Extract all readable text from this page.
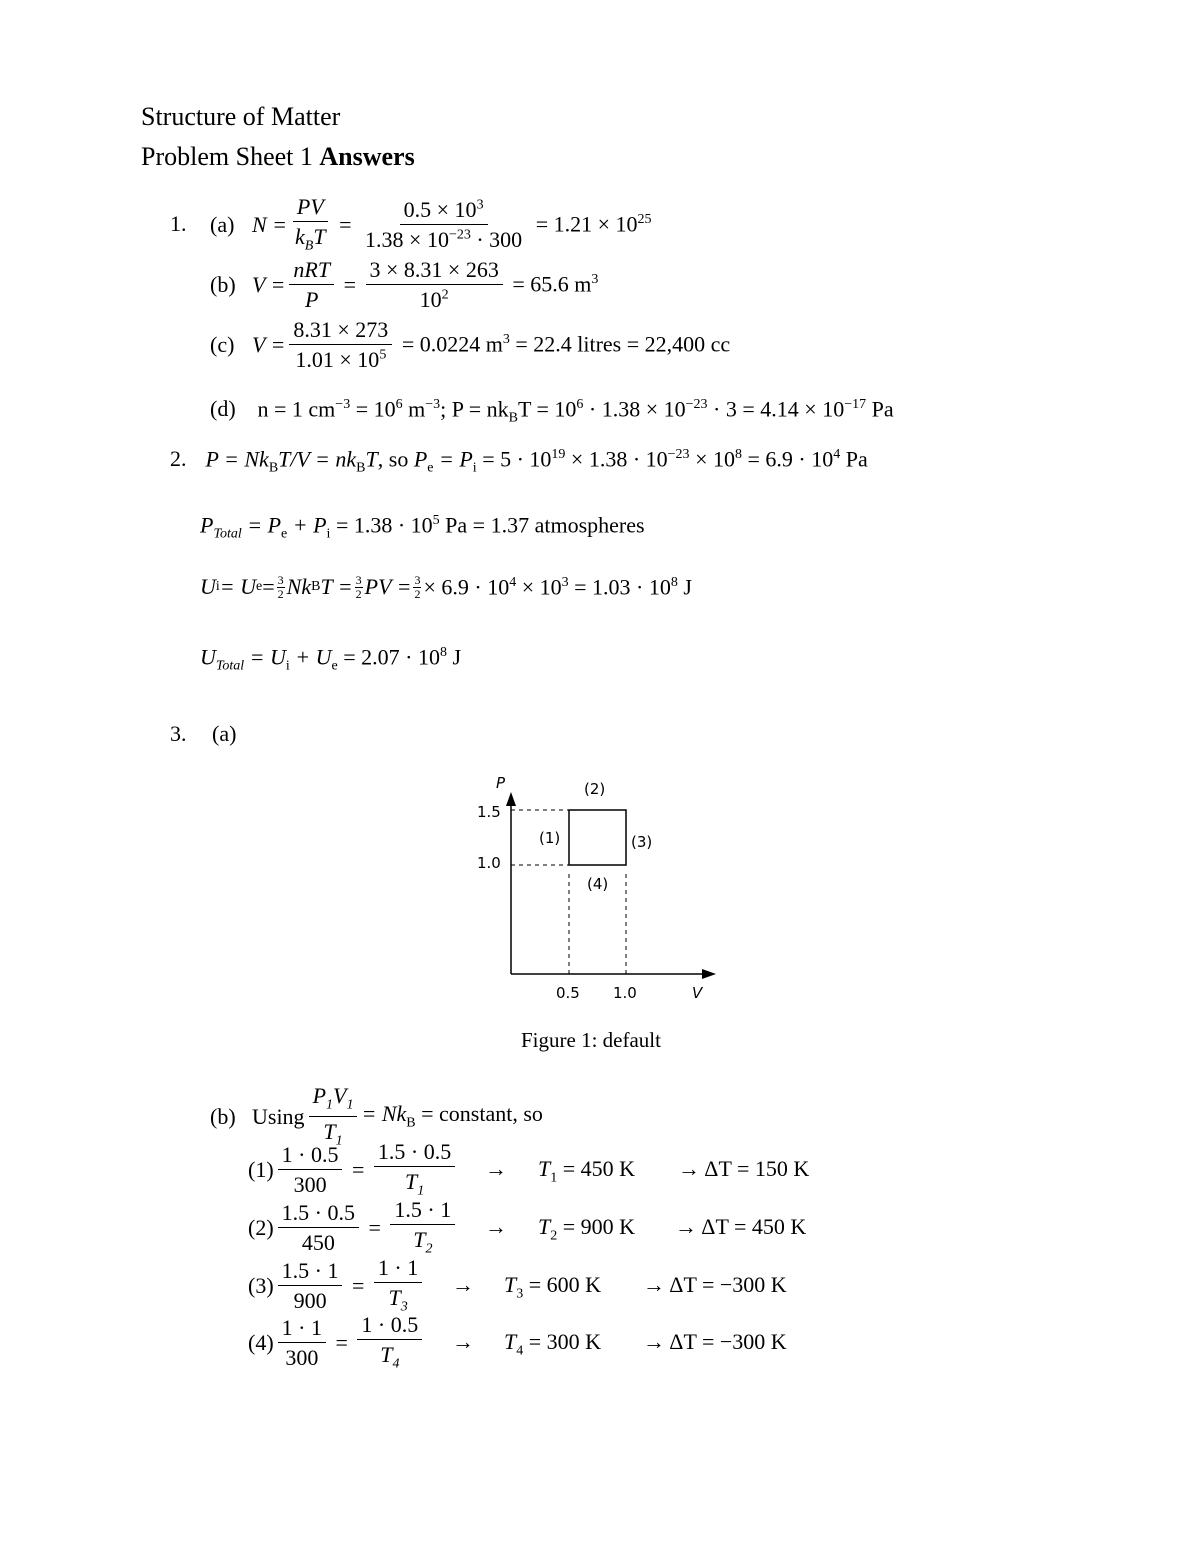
Structure of Matter
Problem Sheet 1 Answers
1. (a) $N = \frac{PV}{k_BT} = \frac{0.5 \times 10^3}{1.38 \times 10^{-23} \cdot 300} = 1.21 \times 10^{25}$
(b) $V = \frac{\text{nRT}}{P} = \frac{3 \times 8.31 \times 263}{10^2} = 65.6$ $m^3$
(c) $V = \frac{8.31 \times 273}{1.01 \times 10^5} = 0.0224$ $m^3 = 22.4$ litres = 22,400 cc
(d) n = 1 $cm^{-3} = 10^6$ $m^{-3}$; $P = nk_BT = 10^6 \cdot 1.38 \times 10^{-23} \cdot 3 = 4.14 \times 10^{-17}$ Pa
2. $P = Nk_BT/V = nk_BT$, so $P_e = P_i = 5 \cdot 10^{19} \times 1.38 \cdot 10^{-23} \times 10^8 = 6.9 \cdot 10^4$ Pa
$P_{Total} = P_e + P_i = 1.38 \cdot 10^5$ Pa = 1.37 atmospheres
U i = U $e = \frac{3}{2}$ Nk B $T = \frac{3}{2}$ PV = $\frac{3}{2} \times 6.9 \cdot 10^4 \times 10^3 = 1.03 \cdot 10^8$ J
$U_{Total} = U_i + U_e = 2.07 \cdot 10^8$ J
3. (a)
P
V
1.5
1.0
0.5 1.0
(1)
(2)
(3)
(4)
Figure 1: default
(b) Using $\frac{P_1V_1}{T_1} = Nk_B$ = constant, so
$(1) \frac{1 \cdot 0.5}{300} = \frac{1.5 \cdot 0.5}{T_1} \to T_1 = 450$ K → ΔT = 150 K
$(2) \frac{1.5 \cdot 0.5}{450} = \frac{1.5 \cdot 1}{T_2} \to T_2 = 900$ K → ΔT = 450 K
$(3) \frac{1.5 \cdot 1}{900} = \frac{1 \cdot 1}{T_3} \to T_3 = 600$ K → ΔT = −300 K
$(4) \frac{1 \cdot 1}{300} = \frac{1 \cdot 0.5}{T_4} \to T_4 = 300$ K → ΔT = −300 K
